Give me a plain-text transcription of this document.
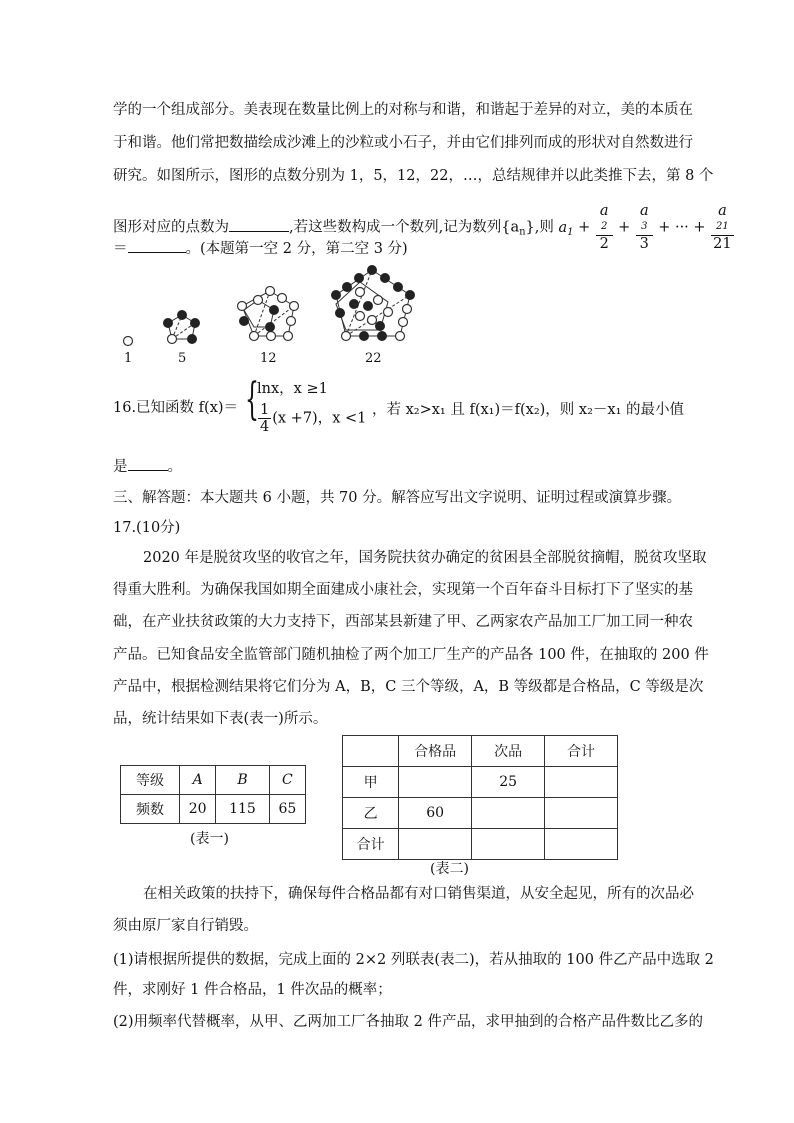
学的一个组成部分。美表现在数量比例上的对称与和谐，和谐起于差异的对立，美的本质在
于和谐。他们常把数描绘成沙滩上的沙粒或小石子，并由它们排列而成的形状对自然数进行
研究。如图所示，图形的点数分别为 1，5，12，22，…，总结规律并以此类推下去，第 8 个
图形对应的点数为	,若这些数构成一个数列,记为数列$\{a_n\}$,则 $a_1 + a$
2
2 + a
3
3 + ··· + a
21
21
＝	。(本题第一空 2 分，第二空 3 分)
1	5	12	22
16.已知函数 f(x)＝ {
lnx，x ≥1
$\frac{1}{4} (x +7)$，x <1
，若 x₂>x₁ 且 f(x₁)＝f(x₂)，则 x₂－x₁ 的最小值
是	。
三、解答题：本大题共 6 小题，共 70 分。解答应写出文字说明、证明过程或演算步骤。
17.(10分)
2020 年是脱贫攻坚的收官之年，国务院扶贫办确定的贫困县全部脱贫摘帽，脱贫攻坚取
得重大胜利。为确保我国如期全面建成小康社会，实现第一个百年奋斗目标打下了坚实的基
础，在产业扶贫政策的大力支持下，西部某县新建了甲、乙两家农产品加工厂加工同一种农
产品。已知食品安全监管部门随机抽检了两个加工厂生产的产品各 100 件，在抽取的 200 件
产品中，根据检测结果将它们分为 A，B，C 三个等级，A，B 等级都是合格品，C 等级是次
品，统计结果如下表(表一)所示。
等级	A	B	C
频数	20	115	65
(表一)
	合格品	次品	合计
甲		25	
乙	60		
合计			
(表二)
在相关政策的扶持下，确保每件合格品都有对口销售渠道，从安全起见，所有的次品必
须由原厂家自行销毁。
(1)请根据所提供的数据，完成上面的 2×2 列联表(表二)，若从抽取的 100 件乙产品中选取 2
件，求刚好 1 件合格品，1 件次品的概率；
(2)用频率代替概率，从甲、乙两加工厂各抽取 2 件产品，求甲抽到的合格产品件数比乙多的
